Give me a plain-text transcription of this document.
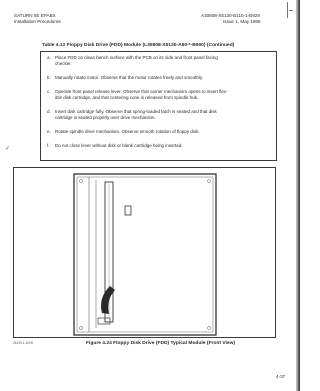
SATURN IIE EPABX
Installation Procedures
A30808-X5130-B110-1-B929
Issue 1, May 1986
Table 4.12 Floppy Disk Drive (FDD) Module (L30808-X5130-A50-*-B900) (Continued)
a. Place FDD on clean bench surface with the PCB on its side and front panel facing
checker.
b. Manually rotate motor. Observe that the motor rotates freely and smoothly.
c. Operate front panel release lever. Observe that carrier mechanism opens to insert flex-
ible disk cartridge, and that centering cone is released from spindle hub.
d. Insert disk cartridge fully. Observe that spring-loaded latch is seated and that disk
cartridge is seated properly over drive mechanism.
e. Rotate spindle drive mechanism. Observe smooth rotation of floppy disk.
f. Do not close lever without disk or blank cartridge being inserted.
✓
26139-1-1008	Figure 4.24 Floppy Disk Drive (FDD) Typical Module (Front View)
4-37
